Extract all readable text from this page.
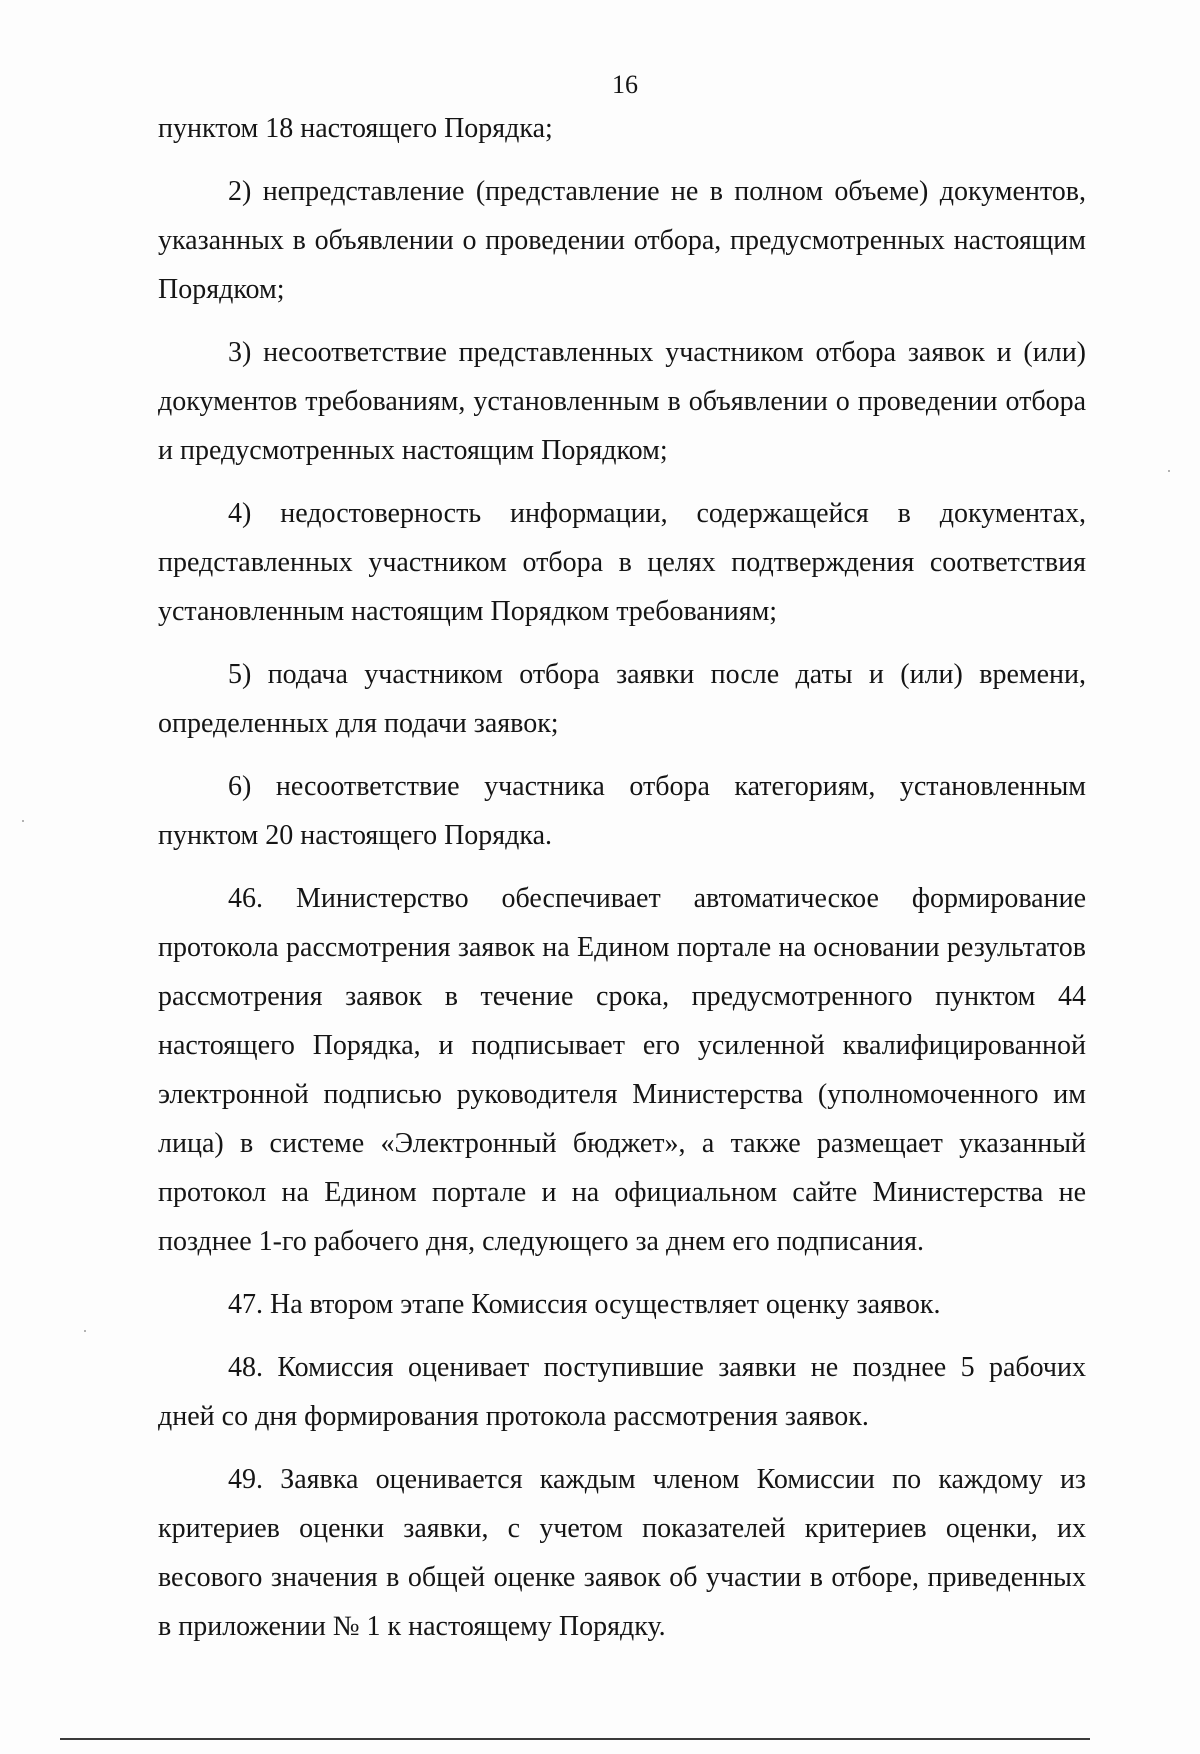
16

пунктом 18 настоящего Порядка;

2) непредставление (представление не в полном объеме) документов, указанных в объявлении о проведении отбора, предусмотренных настоящим Порядком;

3) несоответствие представленных участником отбора заявок и (или) документов требованиям, установленным в объявлении о проведении отбора и предусмотренных настоящим Порядком;

4) недостоверность информации, содержащейся в документах, представленных участником отбора в целях подтверждения соответствия установленным настоящим Порядком требованиям;

5) подача участником отбора заявки после даты и (или) времени, определенных для подачи заявок;

6) несоответствие участника отбора категориям, установленным пунктом 20 настоящего Порядка.

46. Министерство обеспечивает автоматическое формирование протокола рассмотрения заявок на Едином портале на основании результатов рассмотрения заявок в течение срока, предусмотренного пунктом 44 настоящего Порядка, и подписывает его усиленной квалифицированной электронной подписью руководителя Министерства (уполномоченного им лица) в системе «Электронный бюджет», а также размещает указанный протокол на Едином портале и на официальном сайте Министерства не позднее 1-го рабочего дня, следующего за днем его подписания.

47. На втором этапе Комиссия осуществляет оценку заявок.

48. Комиссия оценивает поступившие заявки не позднее 5 рабочих дней со дня формирования протокола рассмотрения заявок.

49. Заявка оценивается каждым членом Комиссии по каждому из критериев оценки заявки, с учетом показателей критериев оценки, их весового значения в общей оценке заявок об участии в отборе, приведенных в приложении № 1 к настоящему Порядку.
